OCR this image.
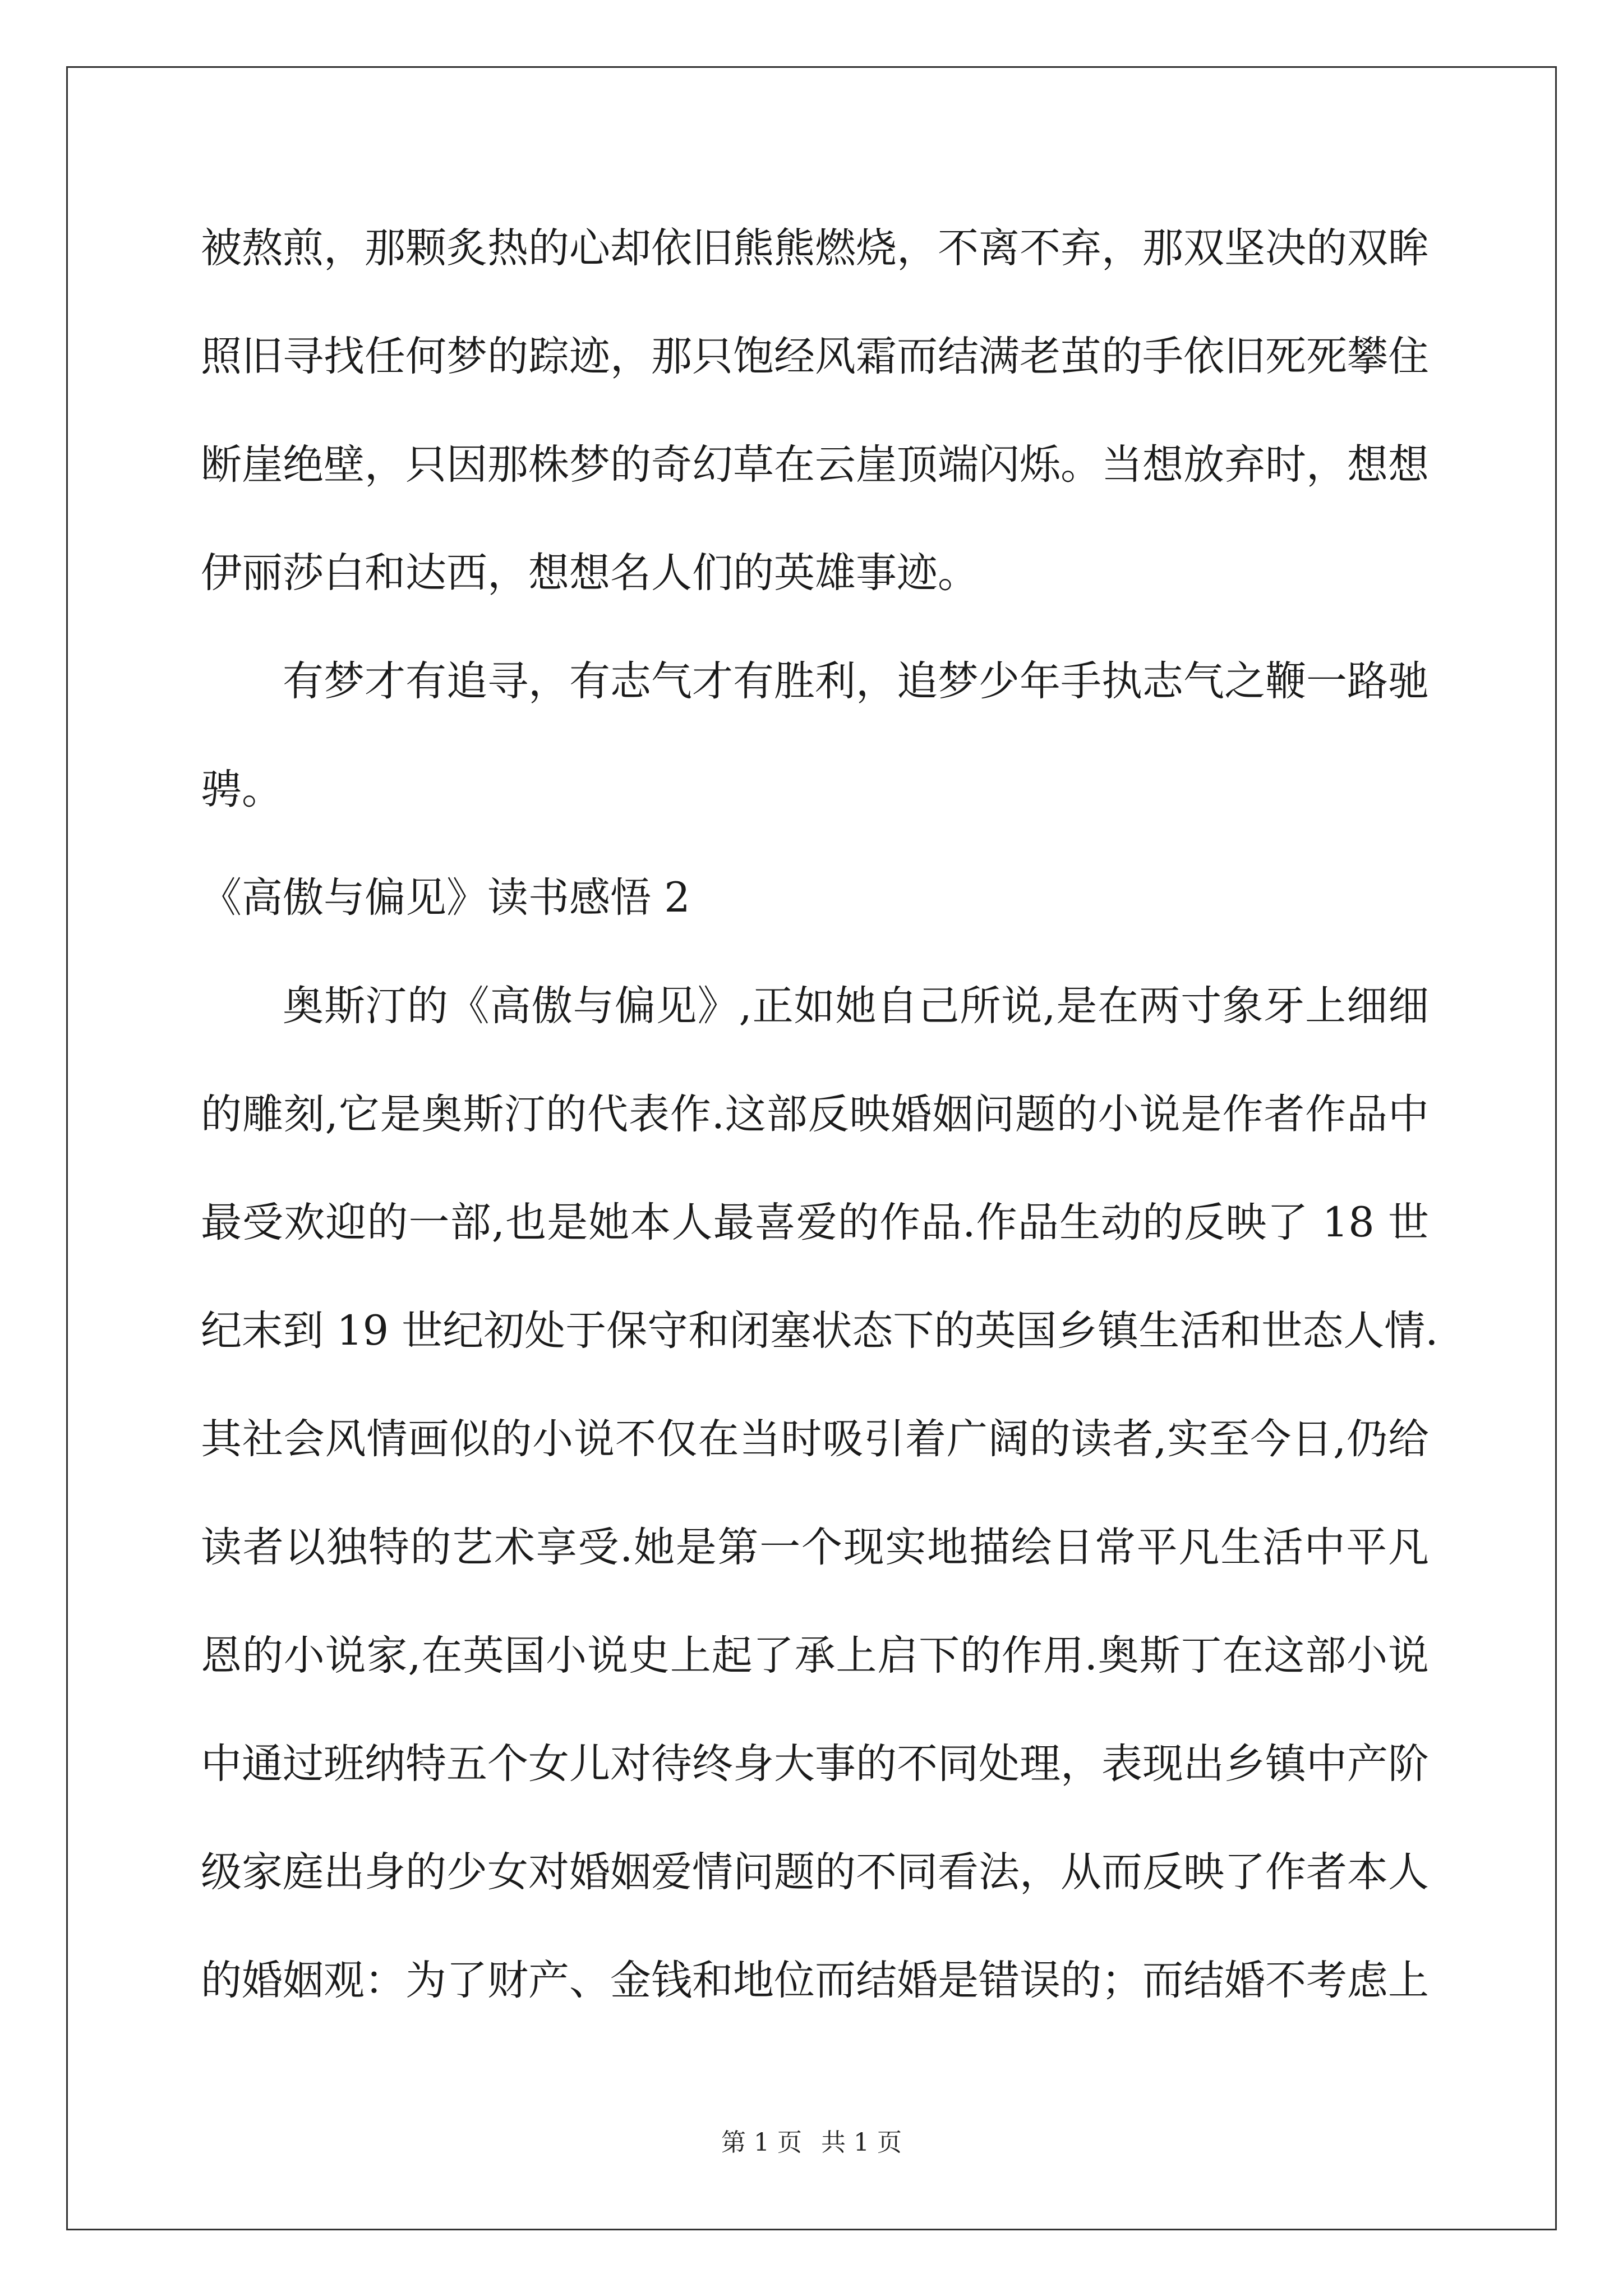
被熬煎，那颗炙热的心却依旧熊熊燃烧，不离不弃，那双坚决的双眸
照旧寻找任何梦的踪迹，那只饱经风霜而结满老茧的手依旧死死攀住
断崖绝壁，只因那株梦的奇幻草在云崖顶端闪烁。当想放弃时，想想
伊丽莎白和达西，想想名人们的英雄事迹。
有梦才有追寻，有志气才有胜利，追梦少年手执志气之鞭一路驰
骋。
《高傲与偏见》读书感悟 2
奥斯汀的《高傲与偏见》,正如她自己所说,是在两寸象牙上细细
的雕刻,它是奥斯汀的代表作.这部反映婚姻问题的小说是作者作品中
最受欢迎的一部,也是她本人最喜爱的作品.作品生动的反映了 18 世
纪末到 19 世纪初处于保守和闭塞状态下的英国乡镇生活和世态人情.
其社会风情画似的小说不仅在当时吸引着广阔的读者,实至今日,仍给
读者以独特的艺术享受.她是第一个现实地描绘日常平凡生活中平凡
恩的小说家,在英国小说史上起了承上启下的作用.奥斯丁在这部小说
中通过班纳特五个女儿对待终身大事的不同处理，表现出乡镇中产阶
级家庭出身的少女对婚姻爱情问题的不同看法，从而反映了作者本人
的婚姻观：为了财产、金钱和地位而结婚是错误的；而结婚不考虑上
第 1 页 共 1 页
